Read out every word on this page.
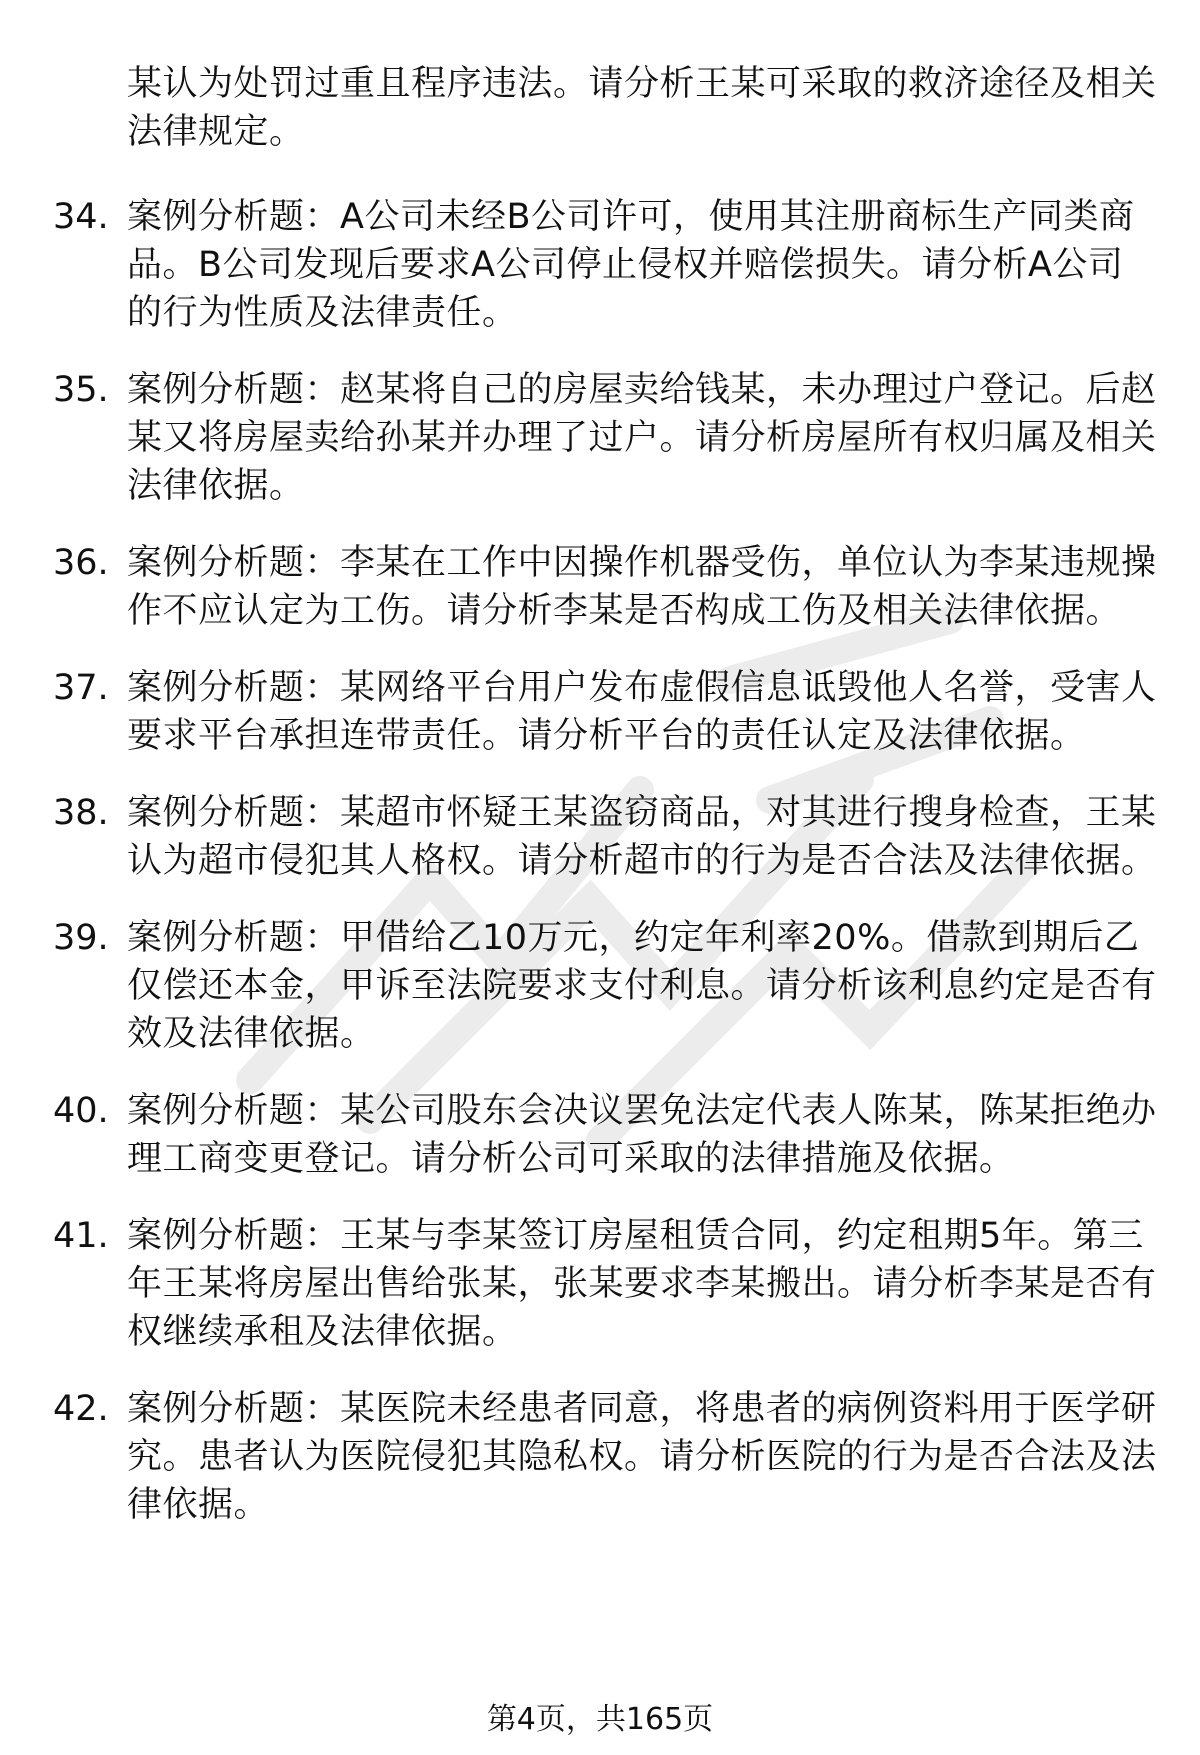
某认为处罚过重且程序违法。请分析王某可采取的救济途径及相关法律规定。
34. 案例分析题：A公司未经B公司许可，使用其注册商标生产同类商品。B公司发现后要求A公司停止侵权并赔偿损失。请分析A公司的行为性质及法律责任。
35. 案例分析题：赵某将自己的房屋卖给钱某，未办理过户登记。后赵某又将房屋卖给孙某并办理了过户。请分析房屋所有权归属及相关法律依据。
36. 案例分析题：李某在工作中因操作机器受伤，单位认为李某违规操作不应认定为工伤。请分析李某是否构成工伤及相关法律依据。
37. 案例分析题：某网络平台用户发布虚假信息诋毁他人名誉，受害人要求平台承担连带责任。请分析平台的责任认定及法律依据。
38. 案例分析题：某超市怀疑王某盗窃商品，对其进行搜身检查，王某认为超市侵犯其人格权。请分析超市的行为是否合法及法律依据。
39. 案例分析题：甲借给乙10万元，约定年利率20%。借款到期后乙仅偿还本金，甲诉至法院要求支付利息。请分析该利息约定是否有效及法律依据。
40. 案例分析题：某公司股东会决议罢免法定代表人陈某，陈某拒绝办理工商变更登记。请分析公司可采取的法律措施及依据。
41. 案例分析题：王某与李某签订房屋租赁合同，约定租期5年。第三年王某将房屋出售给张某，张某要求李某搬出。请分析李某是否有权继续承租及法律依据。
42. 案例分析题：某医院未经患者同意，将患者的病例资料用于医学研究。患者认为医院侵犯其隐私权。请分析医院的行为是否合法及法律依据。
第4页，共165页
